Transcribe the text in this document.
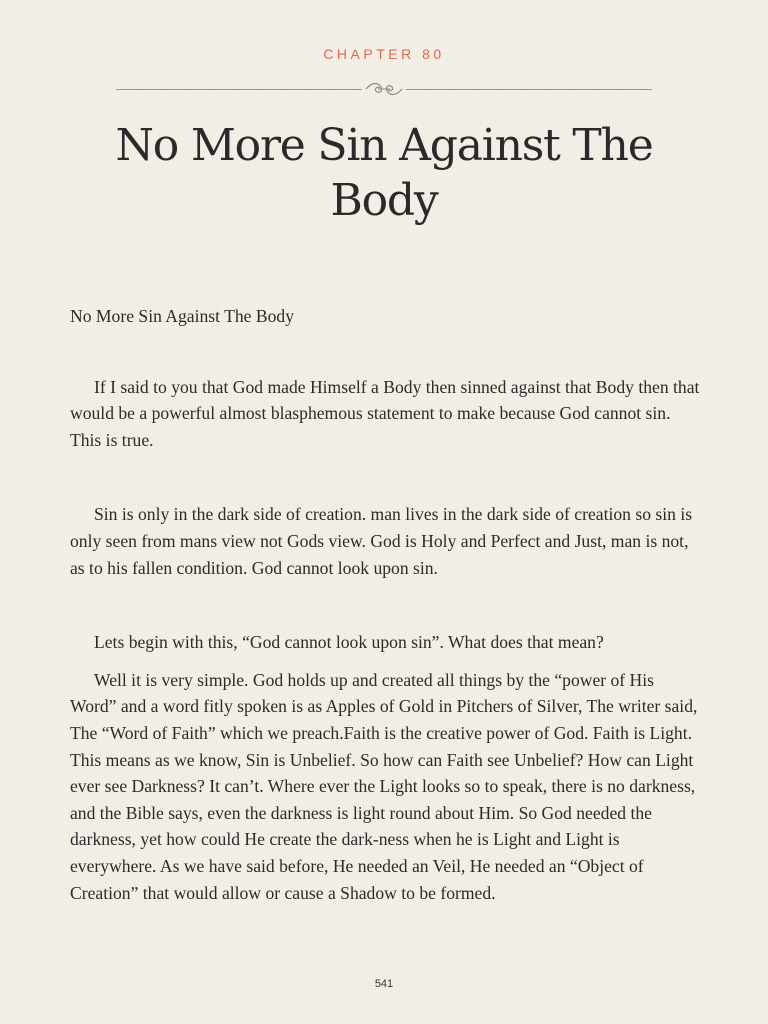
CHAPTER 80
No More Sin Against The
Body

No More Sin Against The Body

If I said to you that God made Himself a Body then sinned against that Body then that would be a powerful almost blasphemous statement to make because God cannot sin. This is true.

Sin is only in the dark side of creation. man lives in the dark side of creation so sin is only seen from mans view not Gods view. God is Holy and Perfect and Just, man is not, as to his fallen condition. God cannot look upon sin.

Lets begin with this, “God cannot look upon sin”. What does that mean?

Well it is very simple. God holds up and created all things by the “power of His Word” and a word fitly spoken is as Apples of Gold in Pitchers of Silver, The writer said, The “Word of Faith” which we preach.Faith is the creative power of God. Faith is Light. This means as we know, Sin is Unbelief. So how can Faith see Unbelief? How can Light ever see Darkness? It can’t. Where ever the Light looks so to speak, there is no darkness, and the Bible says, even the darkness is light round about Him. So God needed the darkness, yet how could He create the dark-ness when he is Light and Light is everywhere. As we have said before, He needed an Veil, He needed an “Object of Creation” that would allow or cause a Shadow to be formed.

541
